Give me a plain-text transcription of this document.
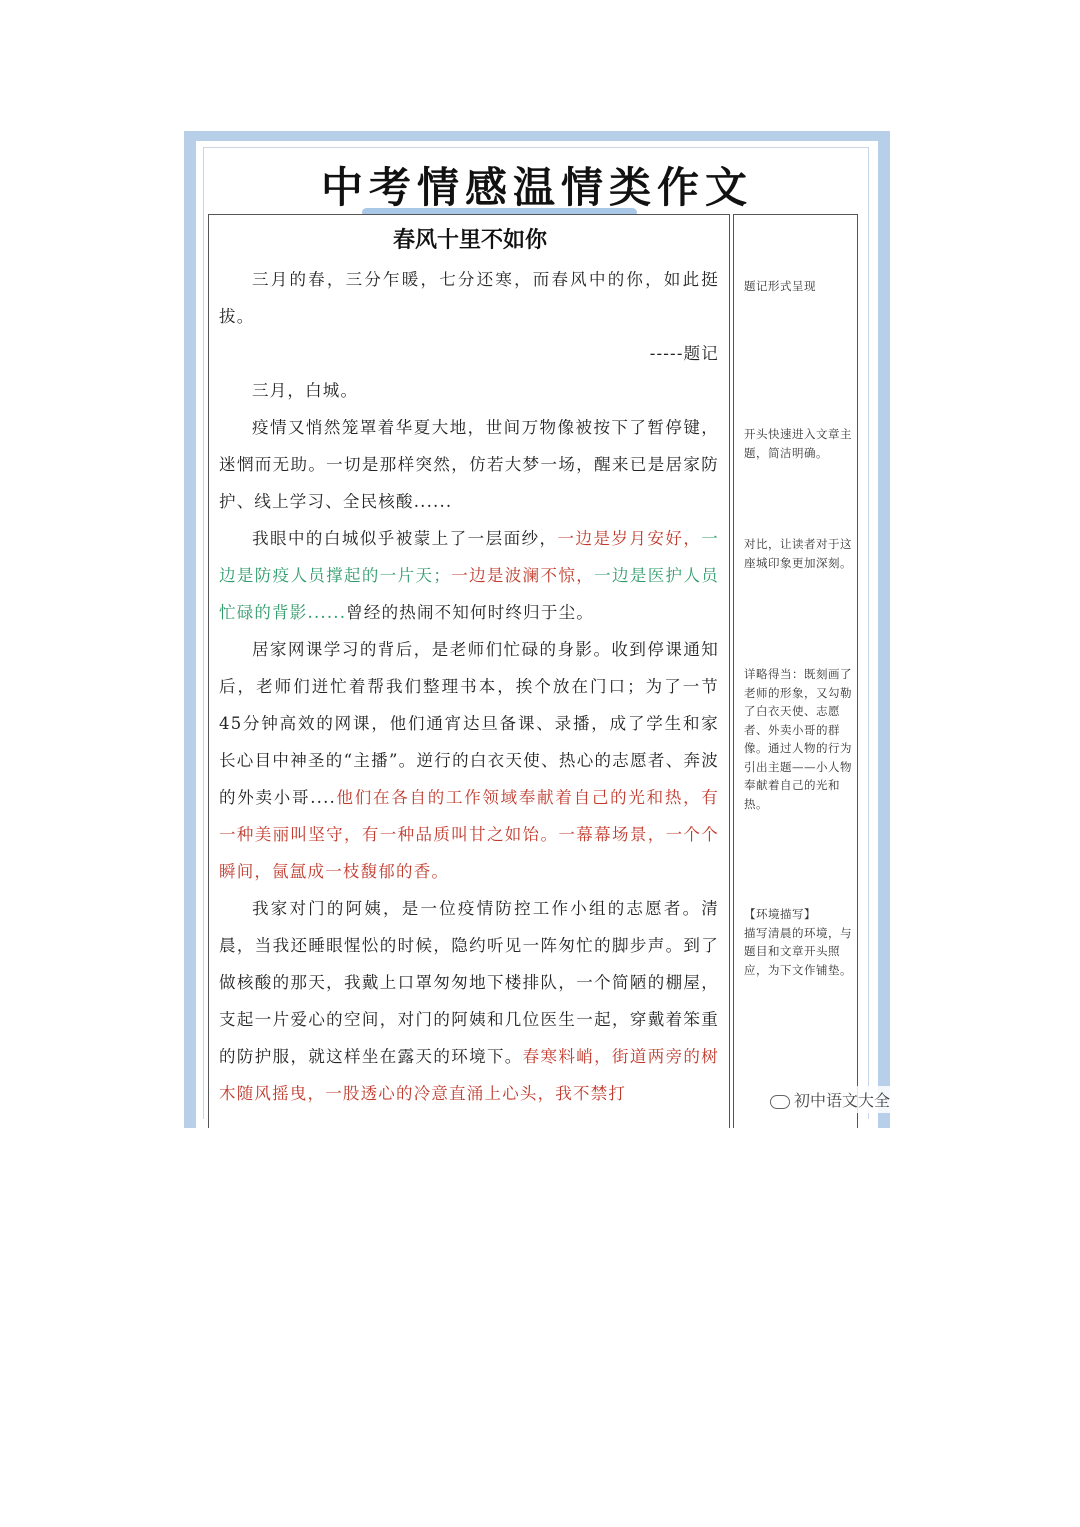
中考情感温情类作文
春风十里不如你
三月的春，三分乍暖，七分还寒，而春风中的你，如此挺拔。
-----题记
三月，白城。
疫情又悄然笼罩着华夏大地，世间万物像被按下了暂停键，迷惘而无助。一切是那样突然，仿若大梦一场，醒来已是居家防护、线上学习、全民核酸......
我眼中的白城似乎被蒙上了一层面纱，一边是岁月安好，一边是防疫人员撑起的一片天；一边是波澜不惊，一边是医护人员忙碌的背影......曾经的热闹不知何时终归于尘。
居家网课学习的背后，是老师们忙碌的身影。收到停课通知后，老师们迸忙着帮我们整理书本，挨个放在门口；为了一节45分钟高效的网课，他们通宵达旦备课、录播，成了学生和家长心目中神圣的“主播”。逆行的白衣天使、热心的志愿者、奔波的外卖小哥....他们在各自的工作领域奉献着自己的光和热，有一种美丽叫坚守，有一种品质叫甘之如饴。一幕幕场景，一个个瞬间，氤氲成一枝馥郁的香。
我家对门的阿姨，是一位疫情防控工作小组的志愿者。清晨，当我还睡眼惺忪的时候，隐约听见一阵匆忙的脚步声。到了做核酸的那天，我戴上口罩匆匆地下楼排队，一个简陋的棚屋，支起一片爱心的空间，对门的阿姨和几位医生一起，穿戴着笨重的防护服，就这样坐在露天的环境下。春寒料峭，街道两旁的树木随风摇曳，一股透心的冷意直涌上心头，我不禁打
题记形式呈现
开头快速进入文章主题，简洁明确。
对比，让读者对于这座城印象更加深刻。
详略得当：既刻画了老师的形象，又勾勒了白衣天使、志愿者、外卖小哥的群像。通过人物的行为引出主题——小人物奉献着自己的光和热。
【环境描写】
描写清晨的环境，与题目和文章开头照应，为下文作铺垫。
初中语文大全
